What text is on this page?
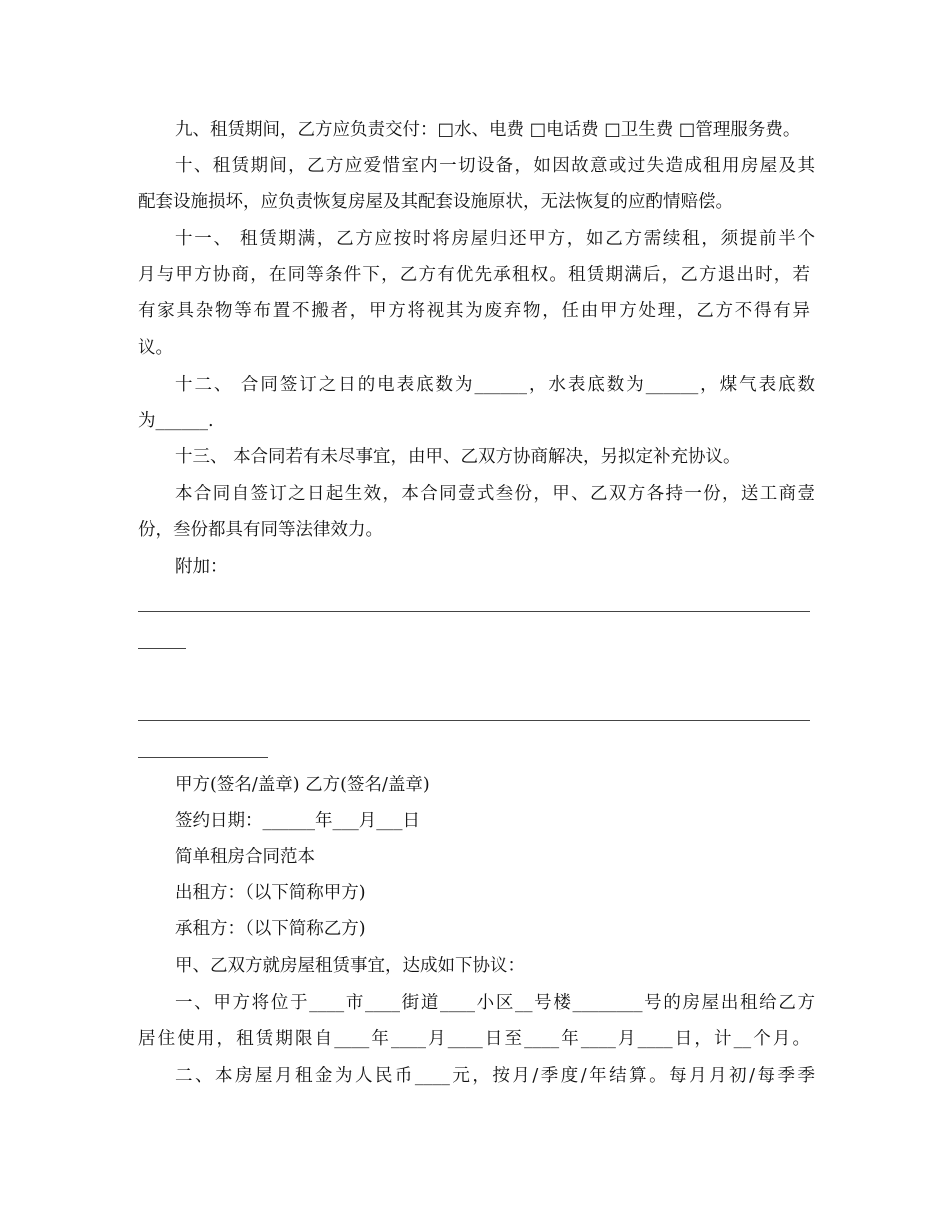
九、租赁期间，乙方应负责交付：□水、电费 □电话费 □卫生费 □管理服务费。
十、租赁期间，乙方应爱惜室内一切设备，如因故意或过失造成租用房屋及其
配套设施损坏，应负责恢复房屋及其配套设施原状，无法恢复的应酌情赔偿。
十一、 租赁期满，乙方应按时将房屋归还甲方，如乙方需续租，须提前半个
月与甲方协商，在同等条件下，乙方有优先承租权。租赁期满后，乙方退出时，若
有家具杂物等布置不搬者，甲方将视其为废弃物，任由甲方处理，乙方不得有异
议。
十二、 合同签订之日的电表底数为______，水表底数为______，煤气表底数
为______.
十三、 本合同若有未尽事宜，由甲、乙双方协商解决，另拟定补充协议。
本合同自签订之日起生效，本合同壹式叁份，甲、乙双方各持一份，送工商壹
份，叁份都具有同等法律效力。
附加：
甲方(签名/盖章) 乙方(签名/盖章)
签约日期：______年___月___日
简单租房合同范本
出租方：（以下简称甲方)
承租方：（以下简称乙方)
甲、乙双方就房屋租赁事宜，达成如下协议：
一、甲方将位于____市____街道____小区__号楼________号的房屋出租给乙方
居住使用，租赁期限自____年____月____日至____年____月____日，计__个月。
二、本房屋月租金为人民币____元，按月/季度/年结算。每月月初/每季季
